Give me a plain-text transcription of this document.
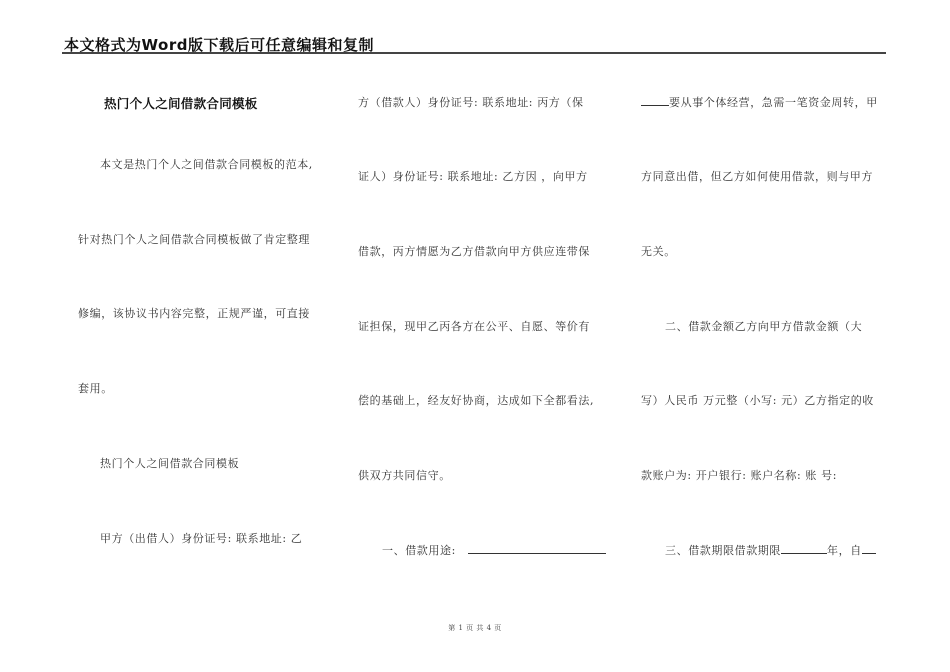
本文格式为Word版下载后可任意编辑和复制
热门个人之间借款合同模板
本文是热门个人之间借款合同模板的范本,
针对热门个人之间借款合同模板做了肯定整理
修编，该协议书内容完整，正规严谨，可直接
套用。
热门个人之间借款合同模板
甲方（出借人）身份证号: 联系地址: 乙
方（借款人）身份证号: 联系地址: 丙方（保
证人）身份证号: 联系地址: 乙方因 ，向甲方
借款，丙方情愿为乙方借款向甲方供应连带保
证担保，现甲乙丙各方在公平、自愿、等价有
偿的基础上，经友好协商，达成如下全都看法,
供双方共同信守。
一、借款用途:
要从事个体经营，急需一笔资金周转，甲
方同意出借，但乙方如何使用借款，则与甲方
无关。
二、借款金额乙方向甲方借款金额（大
写）人民币 万元整（小写: 元）乙方指定的收
款账户为: 开户银行: 账户名称: 账 号:
三、借款期限借款期限	年，自
第 1 页 共 4 页
